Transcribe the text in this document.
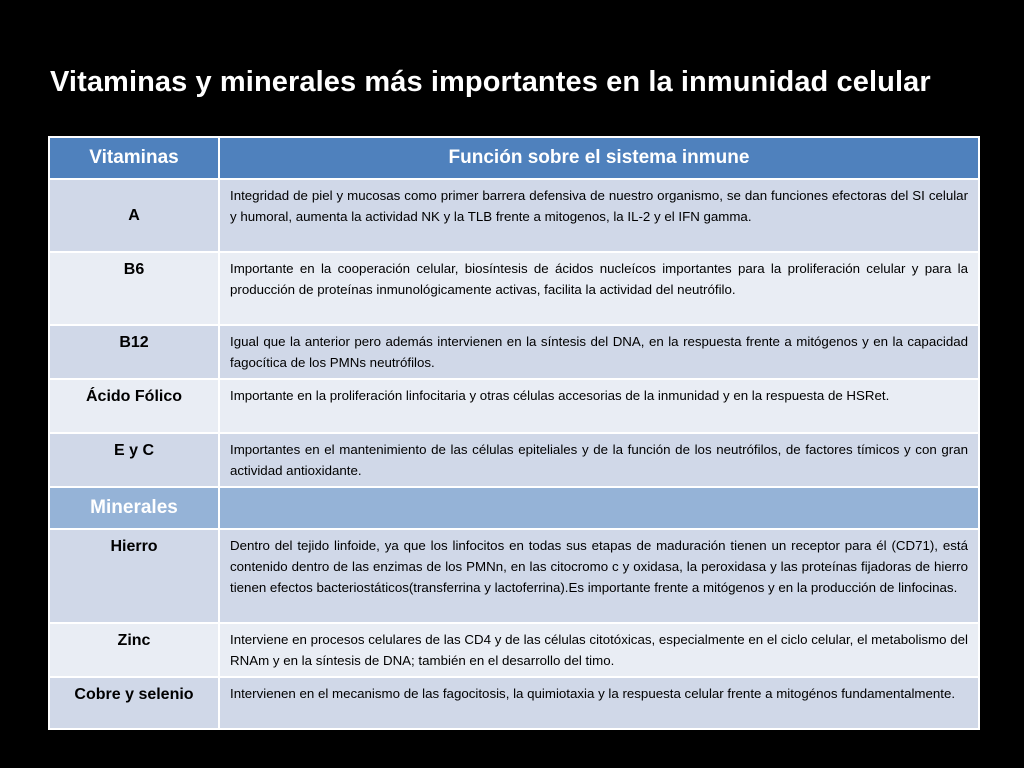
Vitaminas y minerales más importantes en la inmunidad celular
Vitaminas	Función sobre el sistema inmune
A	Integridad de piel y mucosas como primer barrera defensiva de nuestro organismo, se dan funciones efectoras del SI celular y humoral, aumenta la actividad NK y la TLB frente a mitogenos, la IL-2 y el IFN gamma.
B6	Importante en la cooperación celular, biosíntesis de ácidos nucleícos importantes para la proliferación celular y para la producción de proteínas inmunológicamente activas, facilita la actividad del neutrófilo.
B12	Igual que la anterior pero además intervienen en la síntesis del DNA, en la respuesta frente a mitógenos y en la capacidad fagocítica de los PMNs neutrófilos.
Ácido Fólico	Importante en la proliferación linfocitaria y otras células accesorias de la inmunidad y en la respuesta de HSRet.
E y C	Importantes en el mantenimiento de las células epiteliales y de la función de los neutrófilos, de factores tímicos y con gran actividad antioxidante.
Minerales	
Hierro	Dentro del tejido linfoide, ya que los linfocitos en todas sus etapas de maduración tienen un receptor para él (CD71), está contenido dentro de las enzimas de los PMNn, en las citocromo c y oxidasa, la peroxidasa y las proteínas fijadoras de hierro tienen efectos bacteriostáticos(transferrina y lactoferrina).Es importante frente a mitógenos y en la producción de linfocinas.
Zinc	Interviene en procesos celulares de las CD4 y de las células citotóxicas, especialmente en el ciclo celular, el metabolismo del RNAm y en la síntesis de DNA; también en el desarrollo del timo.
Cobre y selenio	Intervienen en el mecanismo de las fagocitosis, la quimiotaxia y la respuesta celular frente a mitogénos fundamentalmente.
